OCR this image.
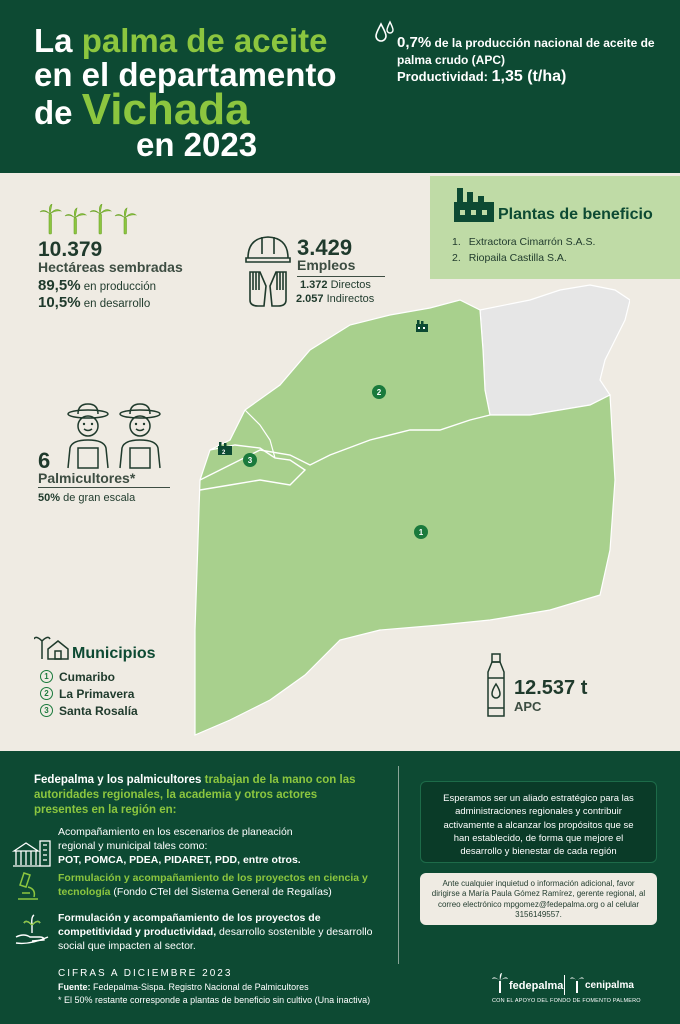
La palma de aceite
en el departamento
de Vichada
en 2023
0,7% de la producción nacional de aceite de palma crudo (APC)
Productividad: 1,35 (t/ha)
2
1
2
3
10.379
Hectáreas sembradas
89,5% en producción
10,5% en desarrollo
3.429
Empleos
1.372 Directos
2.057 Indirectos
Plantas de beneficio
1. Extractora Cimarrón S.A.S.
2. Riopaila Castilla S.A.
6
Palmicultores*
50% de gran escala
Municipios
1 Cumaribo
2 La Primavera
3 Santa Rosalía
12.537 t
APC
Fedepalma y los palmicultores trabajan de la mano con las autoridades regionales, la academia y otros actores presentes en la región en:
Acompañamiento en los escenarios de planeación regional y municipal tales como:
POT, POMCA, PDEA, PIDARET, PDD, entre otros.
Formulación y acompañamiento de los proyectos en ciencia y tecnología (Fondo CTeI del Sistema General de Regalías)
Formulación y acompañamiento de los proyectos de competitividad y productividad, desarrollo sostenible y desarrollo social que impacten al sector.
Esperamos ser un aliado estratégico para las administraciones regionales y contribuir activamente a alcanzar los propósitos que se han establecido, de forma que mejore el desarrollo y bienestar de cada región
Ante cualquier inquietud o información adicional, favor dirigirse a María Paula Gómez Ramírez, gerente regional, al correo electrónico mpgomez@fedepalma.org o al celular 3156149557.
CIFRAS A DICIEMBRE 2023
Fuente: Fedepalma-Sispa. Registro Nacional de Palmicultores
* El 50% restante corresponde a plantas de beneficio sin cultivo (Una inactiva)
fedepalma cenipalma
CON EL APOYO DEL FONDO DE FOMENTO PALMERO
